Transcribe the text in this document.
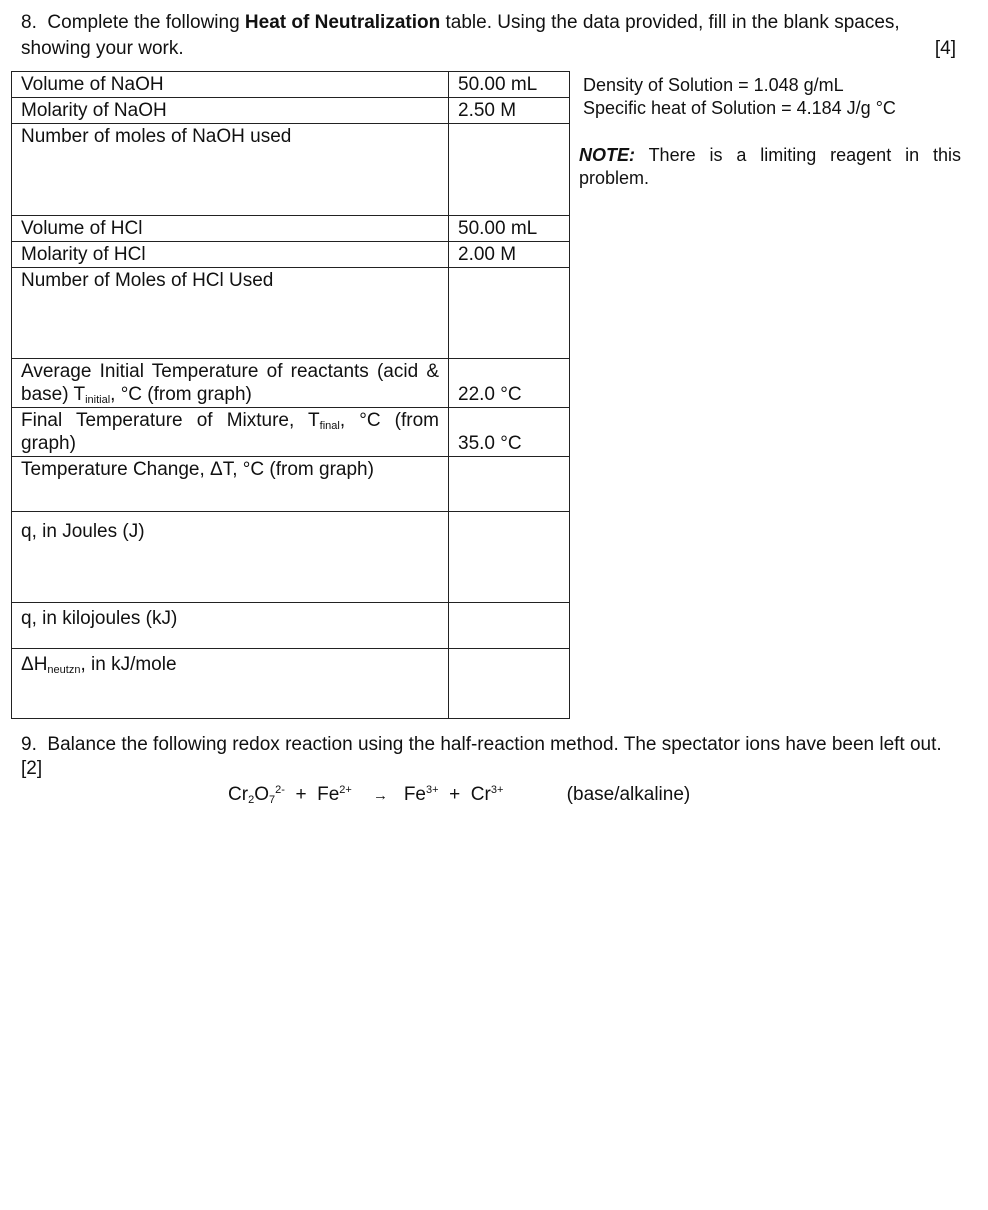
8. Complete the following Heat of Neutralization table. Using the data provided, fill in the blank spaces, showing your work.	[4]
Volume of NaOH	50.00 mL
Molarity of NaOH	2.50 M
Number of moles of NaOH used	
Volume of HCl	50.00 mL
Molarity of HCl	2.00 M
Number of Moles of HCl Used	
Average Initial Temperature of reactants (acid & base) $T_{initial}$, °C (from graph)	22.0 °C
Final Temperature of Mixture, $T_{final}$, °C (from graph)	35.0 °C
Temperature Change, ΔT, °C (from graph)	
q, in Joules (J)	
q, in kilojoules (kJ)	
$\Delta H_{neutzn}$, in kJ/mole	
Density of Solution = 1.048 g/mL
Specific heat of Solution = 4.184 J/g °C
NOTE: There is a limiting reagent in this problem.
9. Balance the following redox reaction using the half-reaction method. The spectator ions have been left out.  [2]
$Cr_2O_7^{2-} + Fe^{2+} \to Fe^{3+} + Cr^{3+}$	(base/alkaline)
